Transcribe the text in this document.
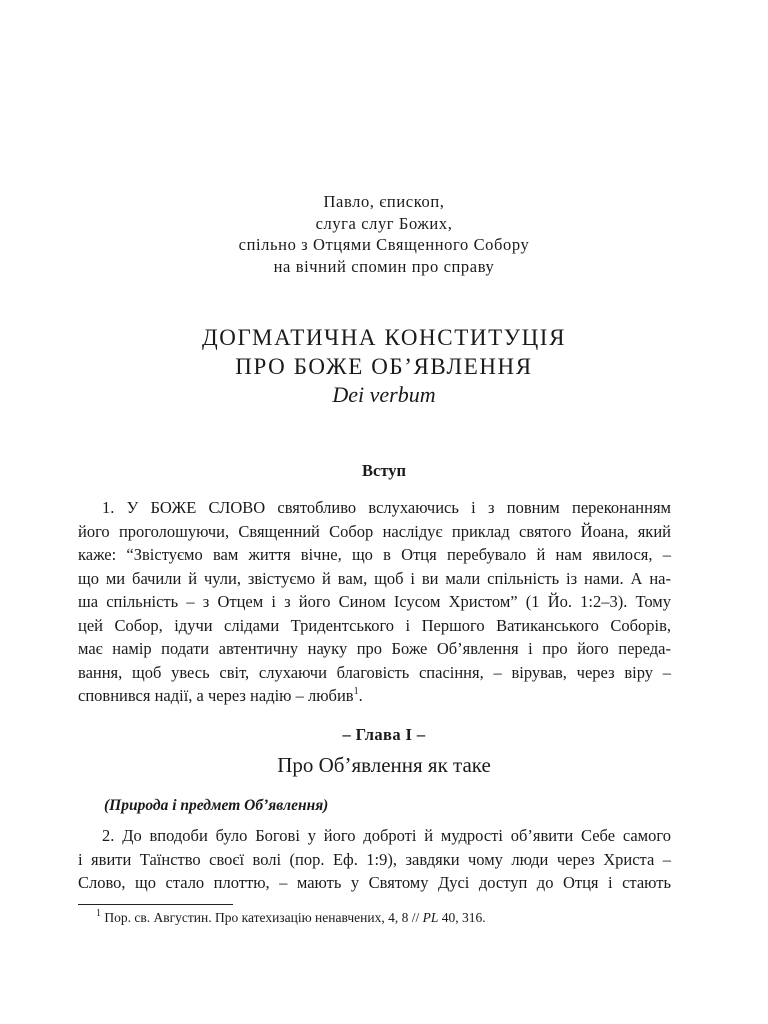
Павло, єпископ,
слуга слуг Божих,
спільно з Отцями Священного Собору
на вічний спомин про справу
ДОГМАТИЧНА КОНСТИТУЦІЯ
ПРО БОЖЕ ОБ’ЯВЛЕННЯ
Dei verbum
Вступ
1. У БОЖЕ СЛОВО святобливо вслухаючись і з повним переконанням
його проголошуючи, Священний Собор наслідує приклад святого Йоана, який
каже: “Звістуємо вам життя вічне, що в Отця перебувало й нам явилося, –
що ми бачили й чули, звістуємо й вам, щоб і ви мали спільність із нами. А на-
ша спільність – з Отцем і з його Сином Ісусом Христом” (1 Йо. 1:2–3). Тому
цей Собор, ідучи слідами Тридентського і Першого Ватиканського Соборів,
має намір подати автентичну науку про Боже Об’явлення і про його переда-
вання, щоб увесь світ, слухаючи благовість спасіння, – вірував, через віру –
сповнився надії, а через надію – любив$^1$.
– Глава I –
Про Об’явлення як таке
(Природа і предмет Об’явлення)
2. До вподоби було Богові у його доброті й мудрості об’явити Себе самого
і явити Таїнство своєї волі (пор. Еф. 1:9), завдяки чому люди через Христа –
Слово, що стало плоттю, – мають у Святому Дусі доступ до Отця і стають
$^1$ Пор. св. Августин. Про катехизацію ненавчених, 4, 8 // PL 40, 316.
